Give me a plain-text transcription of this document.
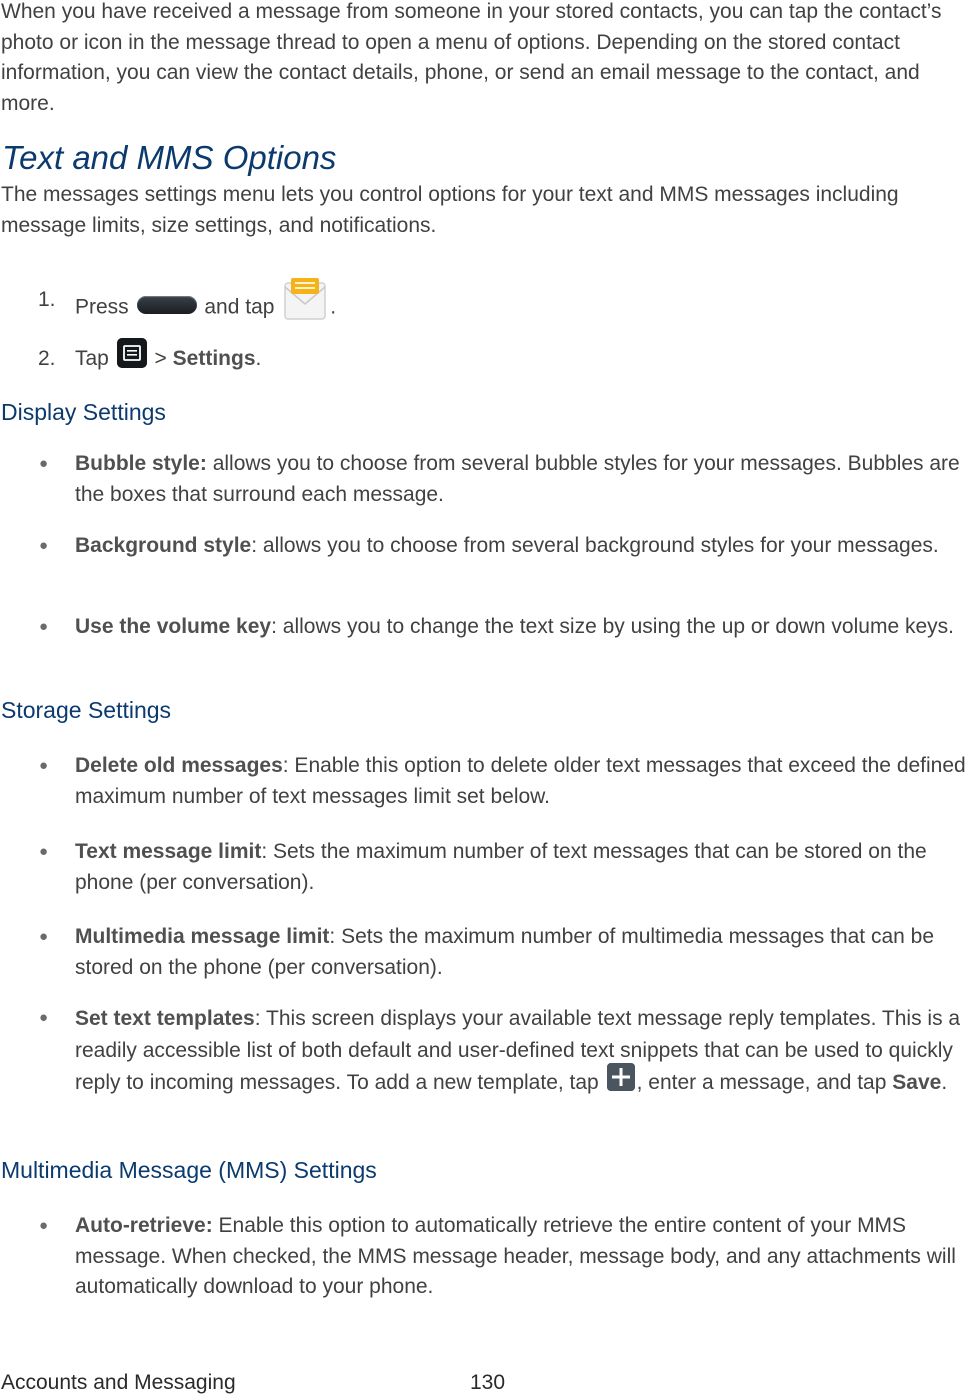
When you have received a message from someone in your stored contacts, you can tap the contact’s photo or icon in the message thread to open a menu of options. Depending on the stored contact information, you can view the contact details, phone, or send an email message to the contact, and more.

Text and MMS Options

The messages settings menu lets you control options for your text and MMS messages including message limits, size settings, and notifications.

1. Press	and tap	.
2. Tap > Settings.
Display Settings
● Bubble style: allows you to choose from several bubble styles for your messages. Bubbles are the boxes that surround each message.
● Background style: allows you to choose from several background styles for your messages.
● Use the volume key: allows you to change the text size by using the up or down volume keys.
Storage Settings
● Delete old messages: Enable this option to delete older text messages that exceed the defined maximum number of text messages limit set below.
● Text message limit: Sets the maximum number of text messages that can be stored on the phone (per conversation).
● Multimedia message limit: Sets the maximum number of multimedia messages that can be stored on the phone (per conversation).
● Set text templates: This screen displays your available text message reply templates. This is a readily accessible list of both default and user-defined text snippets that can be used to quickly reply to incoming messages. To add a new template, tap , enter a message, and tap Save.
Multimedia Message (MMS) Settings
● Auto-retrieve: Enable this option to automatically retrieve the entire content of your MMS message. When checked, the MMS message header, message body, and any attachments will automatically download to your phone.
Accounts and Messaging	130
